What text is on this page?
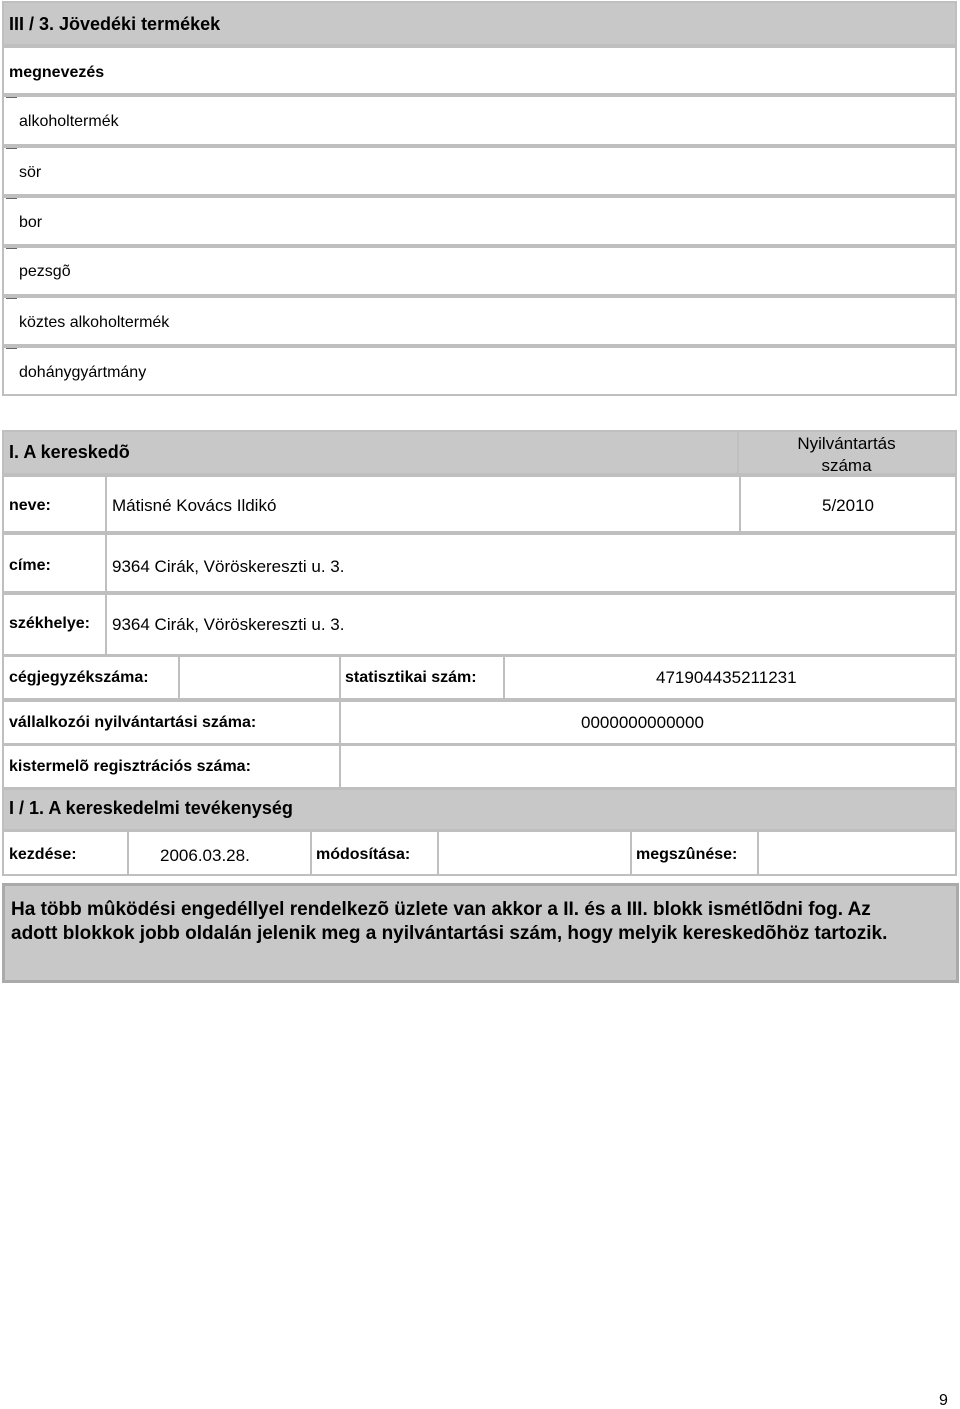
III / 3. Jövedéki termékek
megnevezés
alkoholtermék
sör
bor
pezsgõ
köztes alkoholtermék
dohánygyártmány
I. A kereskedõ	Nyilvántartás száma
neve:	Mátisné Kovács Ildikó	5/2010
címe:	9364 Cirák, Vöröskereszti u. 3.
székhelye: 9364 Cirák, Vöröskereszti u. 3.
cégjegyzékszáma:	statisztikai szám:	471904435211231
vállalkozói nyilvántartási száma:	0000000000000
kistermelõ regisztrációs száma:
I / 1. A kereskedelmi tevékenység
kezdése:	2006.03.28.	módosítása:	megszûnése:
Ha több mûködési engedéllyel rendelkezõ üzlete van akkor a II. és a III. blokk ismétlõdni fog. Az adott blokkok jobb oldalán jelenik meg a nyilvántartási szám, hogy melyik kereskedõhöz tartozik.
9
